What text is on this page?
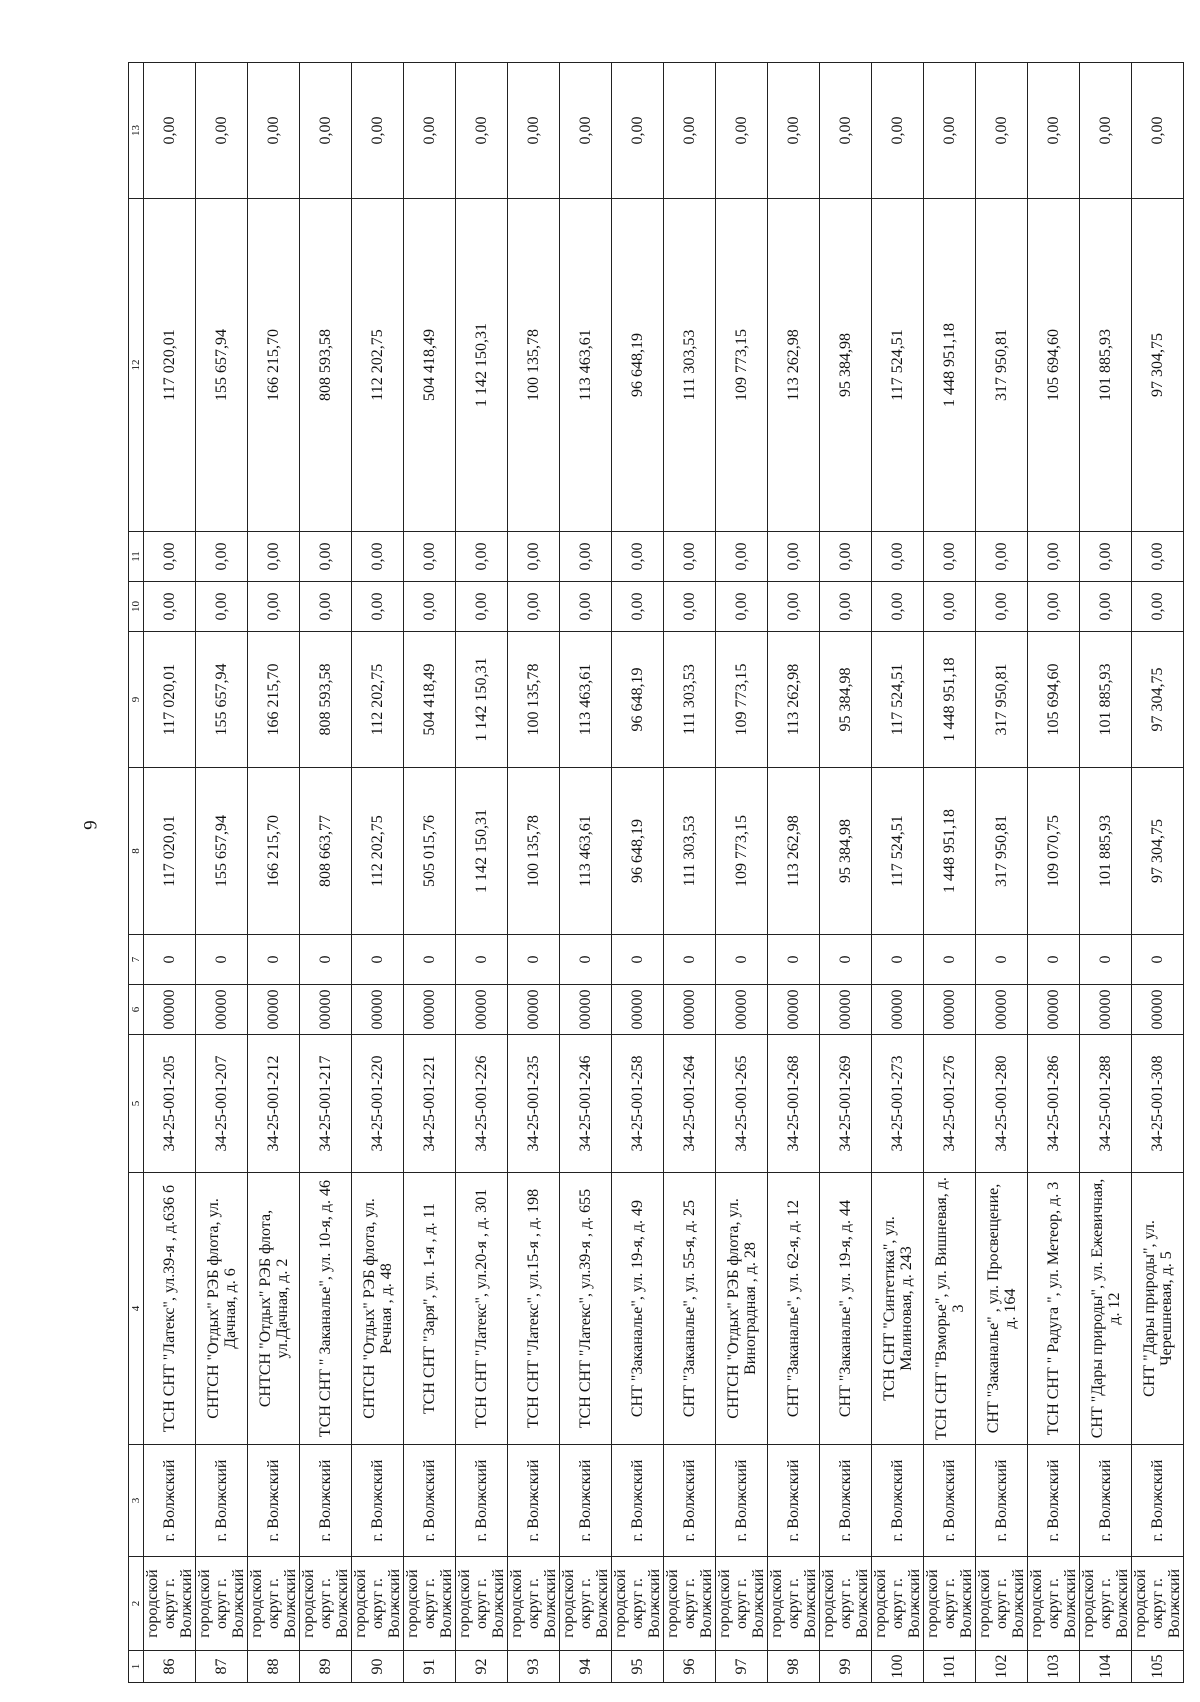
6
1	2	3	4	5	6	7	8	9	10	11	12	13
86	городской округ г. Волжский	г. Волжский	ТСН СНТ "Латекс", ул.39-я , д.636 б	34-25-001-205	00000	0	117 020,01	117 020,01	0,00	0,00	117 020,01	0,00
87	городской округ г. Волжский	г. Волжский	СНТСН "Отдых" РЭБ флота, ул. Дачная, д. 6	34-25-001-207	00000	0	155 657,94	155 657,94	0,00	0,00	155 657,94	0,00
88	городской округ г. Волжский	г. Волжский	СНТСН "Отдых" РЭБ флота, ул.Дачная, д. 2	34-25-001-212	00000	0	166 215,70	166 215,70	0,00	0,00	166 215,70	0,00
89	городской округ г. Волжский	г. Волжский	ТСН СНТ " Заканалье", ул. 10-я, д. 46	34-25-001-217	00000	0	808 663,77	808 593,58	0,00	0,00	808 593,58	0,00
90	городской округ г. Волжский	г. Волжский	СНТСН "Отдых" РЭБ флота, ул. Речная , д. 48	34-25-001-220	00000	0	112 202,75	112 202,75	0,00	0,00	112 202,75	0,00
91	городской округ г. Волжский	г. Волжский	ТСН СНТ "Заря", ул. 1-я , д. 11	34-25-001-221	00000	0	505 015,76	504 418,49	0,00	0,00	504 418,49	0,00
92	городской округ г. Волжский	г. Волжский	ТСН СНТ "Латекс", ул.20-я , д. 301	34-25-001-226	00000	0	1 142 150,31	1 142 150,31	0,00	0,00	1 142 150,31	0,00
93	городской округ г. Волжский	г. Волжский	ТСН СНТ "Латекс", ул.15-я , д. 198	34-25-001-235	00000	0	100 135,78	100 135,78	0,00	0,00	100 135,78	0,00
94	городской округ г. Волжский	г. Волжский	ТСН СНТ "Латекс", ул.39-я , д. 655	34-25-001-246	00000	0	113 463,61	113 463,61	0,00	0,00	113 463,61	0,00
95	городской округ г. Волжский	г. Волжский	СНТ "Заканалье", ул. 19-я, д. 49	34-25-001-258	00000	0	96 648,19	96 648,19	0,00	0,00	96 648,19	0,00
96	городской округ г. Волжский	г. Волжский	СНТ "Заканалье", ул. 55-я, д. 25	34-25-001-264	00000	0	111 303,53	111 303,53	0,00	0,00	111 303,53	0,00
97	городской округ г. Волжский	г. Волжский	СНТСН "Отдых" РЭБ флота, ул. Виноградная , д. 28	34-25-001-265	00000	0	109 773,15	109 773,15	0,00	0,00	109 773,15	0,00
98	городской округ г. Волжский	г. Волжский	СНТ "Заканалье", ул. 62-я, д. 12	34-25-001-268	00000	0	113 262,98	113 262,98	0,00	0,00	113 262,98	0,00
99	городской округ г. Волжский	г. Волжский	СНТ "Заканалье", ул. 19-я, д. 44	34-25-001-269	00000	0	95 384,98	95 384,98	0,00	0,00	95 384,98	0,00
100	городской округ г. Волжский	г. Волжский	ТСН СНТ "Синтетика", ул. Малиновая, д. 243	34-25-001-273	00000	0	117 524,51	117 524,51	0,00	0,00	117 524,51	0,00
101	городской округ г. Волжский	г. Волжский	ТСН СНТ "Взморье", ул. Вишневая, д. 3	34-25-001-276	00000	0	1 448 951,18	1 448 951,18	0,00	0,00	1 448 951,18	0,00
102	городской округ г. Волжский	г. Волжский	СНТ "Заканалье" , ул. Просвещение, д. 164	34-25-001-280	00000	0	317 950,81	317 950,81	0,00	0,00	317 950,81	0,00
103	городской округ г. Волжский	г. Волжский	ТСН СНТ " Радуга ", ул. Метеор, д. 3	34-25-001-286	00000	0	109 070,75	105 694,60	0,00	0,00	105 694,60	0,00
104	городской округ г. Волжский	г. Волжский	СНТ "Дары природы", ул. Ежевичная, д. 12	34-25-001-288	00000	0	101 885,93	101 885,93	0,00	0,00	101 885,93	0,00
105	городской округ г. Волжский	г. Волжский	СНТ "Дары природы", ул. Черешневая, д. 5	34-25-001-308	00000	0	97 304,75	97 304,75	0,00	0,00	97 304,75	0,00
